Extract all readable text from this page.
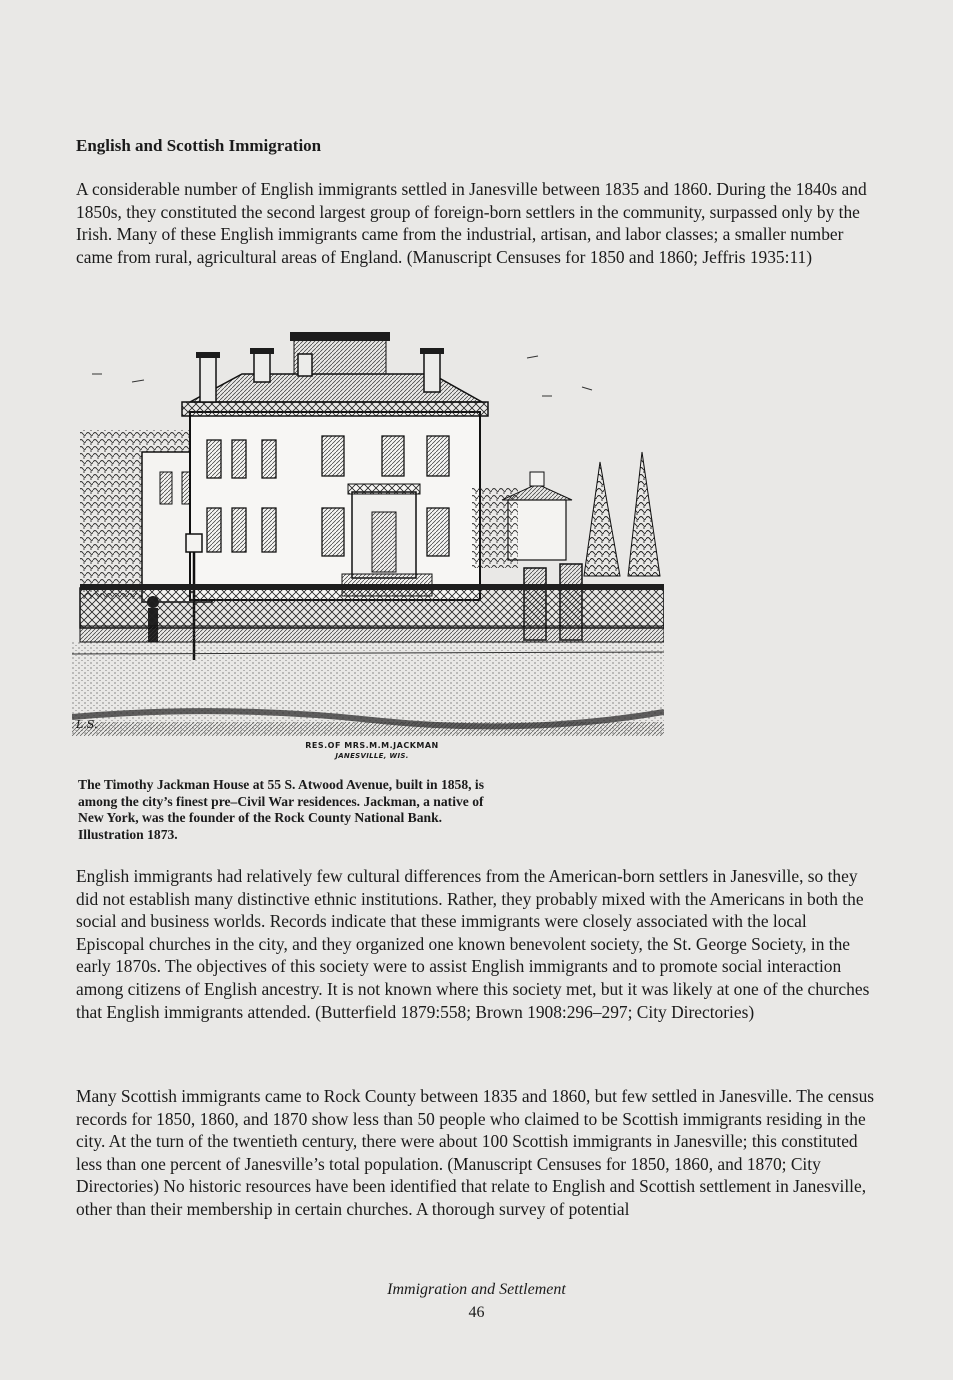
English and Scottish Immigration

A considerable number of English immigrants settled in Janesville between 1835 and 1860. During the 1840s and 1850s, they constituted the second largest group of foreign-born settlers in the community, surpassed only by the Irish. Many of these English immigrants came from the industrial, artisan, and labor classes; a smaller number came from rural, agricultural areas of England. (Manuscript Censuses for 1850 and 1860; Jeffris 1935:11)

L.S.
RES.OF MRS.M.M.JACKMAN
JANESVILLE, WIS.

The Timothy Jackman House at 55 S. Atwood Avenue, built in 1858, is among the city’s finest pre–Civil War residences. Jackman, a native of New York, was the founder of the Rock County National Bank. Illustration 1873.

English immigrants had relatively few cultural differences from the American-born settlers in Janesville, so they did not establish many distinctive ethnic institutions. Rather, they probably mixed with the Americans in both the social and business worlds. Records indicate that these immigrants were closely associated with the local Episcopal churches in the city, and they organized one known benevolent society, the St. George Society, in the early 1870s. The objectives of this society were to assist English immigrants and to promote social interaction among citizens of English ancestry. It is not known where this society met, but it was likely at one of the churches that English immigrants attended. (Butterfield 1879:558; Brown 1908:296–297; City Directories)

Many Scottish immigrants came to Rock County between 1835 and 1860, but few settled in Janesville. The census records for 1850, 1860, and 1870 show less than 50 people who claimed to be Scottish immigrants residing in the city. At the turn of the twentieth century, there were about 100 Scottish immigrants in Janesville; this constituted less than one percent of Janesville’s total population. (Manuscript Censuses for 1850, 1860, and 1870; City Directories) No historic resources have been identified that relate to English and Scottish settlement in Janesville, other than their membership in certain churches. A thorough survey of potential

Immigration and Settlement
46
